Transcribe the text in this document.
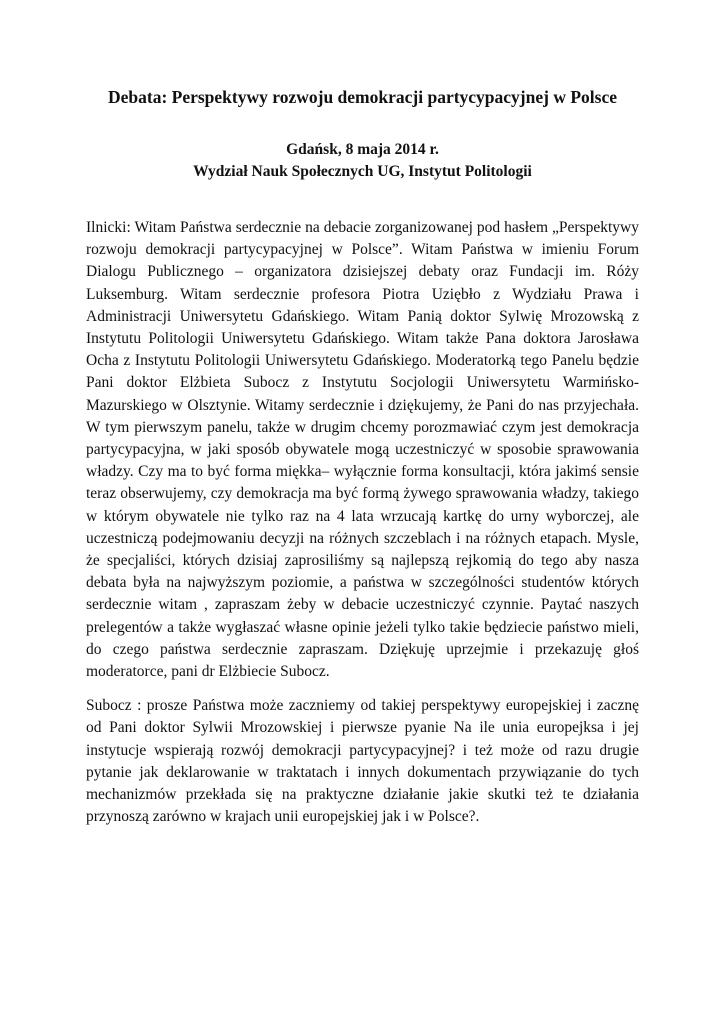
Debata: Perspektywy rozwoju demokracji partycypacyjnej w Polsce
Gdańsk, 8 maja 2014 r.
Wydział Nauk Społecznych UG, Instytut Politologii

Ilnicki: Witam Państwa serdecznie na debacie zorganizowanej pod hasłem „Perspektywy rozwoju demokracji partycypacyjnej w Polsce”. Witam Państwa w imieniu Forum Dialogu Publicznego – organizatora dzisiejszej debaty oraz Fundacji im. Róży Luksemburg. Witam serdecznie profesora Piotra Uziębło z Wydziału Prawa i Administracji Uniwersytetu Gdańskiego. Witam Panią doktor Sylwię Mrozowską z Instytutu Politologii Uniwersytetu Gdańskiego. Witam także Pana doktora Jarosława Ocha z Instytutu Politologii Uniwersytetu Gdańskiego. Moderatorką tego Panelu będzie Pani doktor Elżbieta Subocz z Instytutu Socjologii Uniwersytetu Warmińsko-Mazurskiego w Olsztynie. Witamy serdecznie i dziękujemy, że Pani do nas przyjechała. W tym pierwszym panelu, także w drugim chcemy porozmawiać czym jest demokracja partycypacyjna, w jaki sposób obywatele mogą uczestniczyć w sposobie sprawowania władzy. Czy ma to być forma miękka– wyłącznie forma konsultacji, która jakimś sensie teraz obserwujemy, czy demokracja ma być formą żywego sprawowania władzy, takiego w którym obywatele nie tylko raz na 4 lata wrzucają kartkę do urny wyborczej, ale uczestniczą podejmowaniu decyzji na różnych szczeblach i na różnych etapach. Mysle, że specjaliści, których dzisiaj zaprosiliśmy są najlepszą rejkomią do tego aby nasza debata była na najwyższym poziomie, a państwa w szczególności studentów których serdecznie witam , zapraszam żeby w debacie uczestniczyć czynnie. Paytać naszych prelegentów a także wygłaszać własne opinie jeżeli tylko takie będziecie państwo mieli, do czego państwa serdecznie zapraszam. Dziękuję uprzejmie i przekazuję głoś moderatorce, pani dr Elżbiecie Subocz.

Subocz : prosze Państwa może zaczniemy od takiej perspektywy europejskiej i zacznę od Pani doktor Sylwii Mrozowskiej i pierwsze pyanie Na ile unia europejksa i jej instytucje wspierają rozwój demokracji partycypacyjnej? i też może od razu drugie pytanie jak deklarowanie w traktatach i innych dokumentach przywiązanie do tych mechanizmów przekłada się na praktyczne działanie jakie skutki też te działania przynoszą zarówno w krajach unii europejskiej jak i w Polsce?.
